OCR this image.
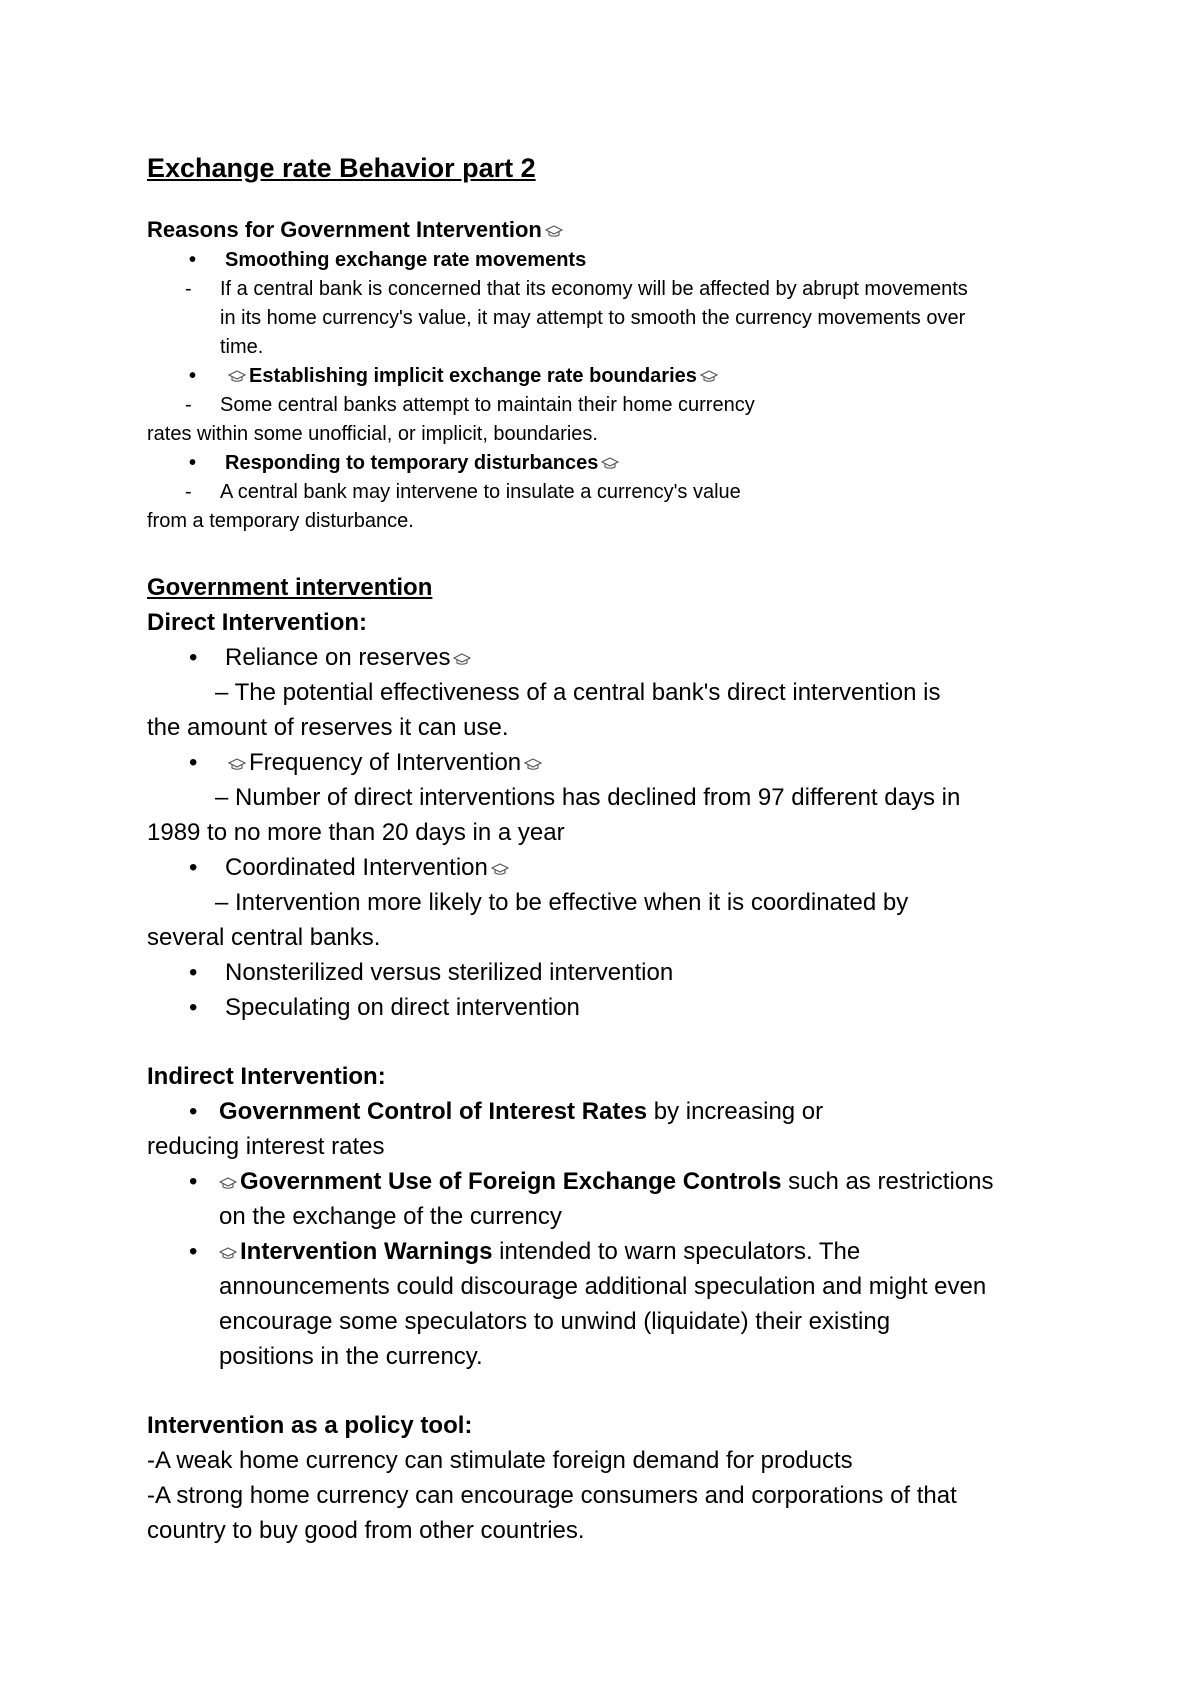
Exchange rate Behavior part 2
Reasons for Government Intervention
• Smoothing exchange rate movements
- If a central bank is concerned that its economy will be affected by abrupt movements
in its home currency's value, it may attempt to smooth the currency movements over
time.
•	Establishing implicit exchange rate boundaries
- Some central banks attempt to maintain their home currency
rates within some unofficial, or implicit, boundaries.
• Responding to temporary disturbances
- A central bank may intervene to insulate a currency's value
from a temporary disturbance.
Government intervention
Direct Intervention:
• Reliance on reserves
– The potential effectiveness of a central bank's direct intervention is
the amount of reserves it can use.
• Frequency of Intervention
– Number of direct interventions has declined from 97 different days in
1989 to no more than 20 days in a year
• Coordinated Intervention
– Intervention more likely to be effective when it is coordinated by
several central banks.
• Nonsterilized versus sterilized intervention
• Speculating on direct intervention
Indirect Intervention:
• Government Control of Interest Rates by increasing or
reducing interest rates
• Government Use of Foreign Exchange Controls such as restrictions
on the exchange of the currency
• Intervention Warnings intended to warn speculators. The
announcements could discourage additional speculation and might even
encourage some speculators to unwind (liquidate) their existing
positions in the currency.
Intervention as a policy tool:
-A weak home currency can stimulate foreign demand for products
-A strong home currency can encourage consumers and corporations of that
country to buy good from other countries.
